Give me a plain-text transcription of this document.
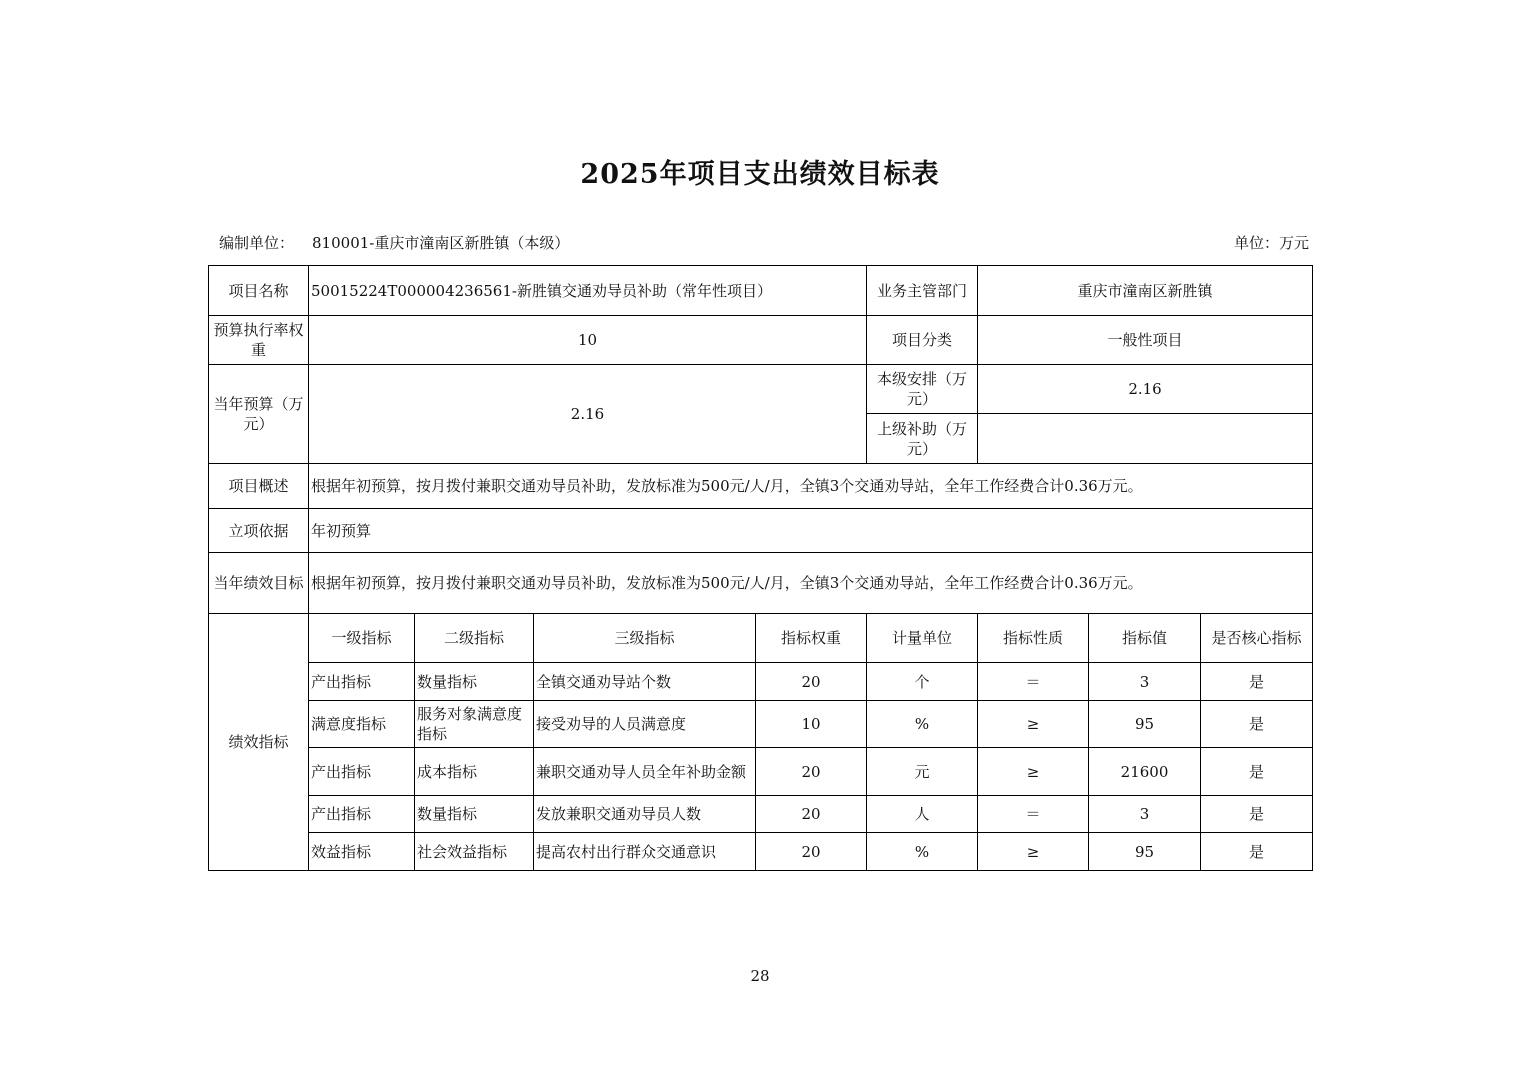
2025年项目支出绩效目标表
编制单位： 810001-重庆市潼南区新胜镇（本级）	单位：万元
项目名称	50015224T000004236561-新胜镇交通劝导员补助（常年性项目）				业务主管部门	重庆市潼南区新胜镇		
预算执行率权重	10				项目分类	一般性项目		
当年预算（万元）	2.16				本级安排（万元）	2.16		
					上级补助（万元）			
项目概述	根据年初预算，按月拨付兼职交通劝导员补助，发放标准为500元/人/月，全镇3个交通劝导站，全年工作经费合计0.36万元。							
立项依据	年初预算							
当年绩效目标	根据年初预算，按月拨付兼职交通劝导员补助，发放标准为500元/人/月，全镇3个交通劝导站，全年工作经费合计0.36万元。							
绩效指标	一级指标	二级指标	三级指标	指标权重	计量单位	指标性质	指标值	是否核心指标
	产出指标	数量指标	全镇交通劝导站个数	20	个	＝	3	是
	满意度指标	服务对象满意度指标	接受劝导的人员满意度	10	%	≥	95	是
	产出指标	成本指标	兼职交通劝导人员全年补助金额	20	元	≥	21600	是
	产出指标	数量指标	发放兼职交通劝导员人数	20	人	＝	3	是
	效益指标	社会效益指标	提高农村出行群众交通意识	20	%	≥	95	是
28
